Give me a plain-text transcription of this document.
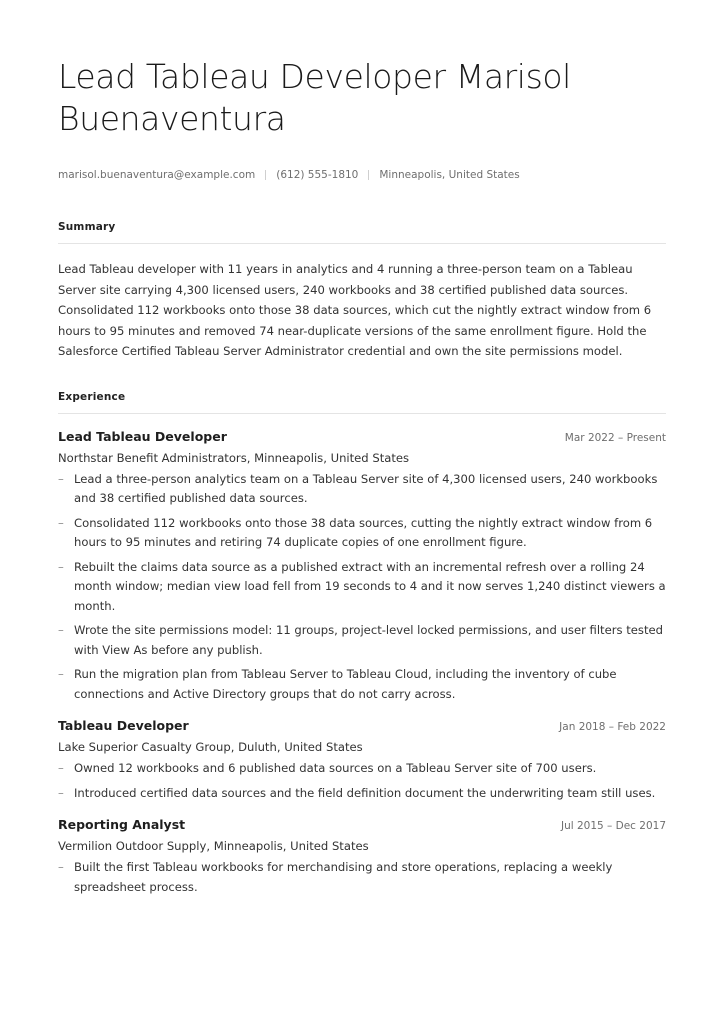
Lead Tableau Developer Marisol Buenaventura
marisol.buenaventura@example.com (612) 555-1810 Minneapolis, United States
Summary

Lead Tableau developer with 11 years in analytics and 4 running a three-person team on a Tableau Server site carrying 4,300 licensed users, 240 workbooks and 38 certified published data sources. Consolidated 112 workbooks onto those 38 data sources, which cut the nightly extract window from 6 hours to 95 minutes and removed 74 near-duplicate versions of the same enrollment figure. Hold the Salesforce Certified Tableau Server Administrator credential and own the site permissions model.

Experience
Lead Tableau Developer	Mar 2022 – Present
Northstar Benefit Administrators, Minneapolis, United States
– Lead a three-person analytics team on a Tableau Server site of 4,300 licensed users, 240 workbooks and 38 certified published data sources.
– Consolidated 112 workbooks onto those 38 data sources, cutting the nightly extract window from 6 hours to 95 minutes and retiring 74 duplicate copies of one enrollment figure.
– Rebuilt the claims data source as a published extract with an incremental refresh over a rolling 24 month window; median view load fell from 19 seconds to 4 and it now serves 1,240 distinct viewers a month.
– Wrote the site permissions model: 11 groups, project-level locked permissions, and user filters tested with View As before any publish.
– Run the migration plan from Tableau Server to Tableau Cloud, including the inventory of cube connections and Active Directory groups that do not carry across.
Tableau Developer	Jan 2018 – Feb 2022
Lake Superior Casualty Group, Duluth, United States
– Owned 12 workbooks and 6 published data sources on a Tableau Server site of 700 users.
– Introduced certified data sources and the field definition document the underwriting team still uses.
Reporting Analyst	Jul 2015 – Dec 2017
Vermilion Outdoor Supply, Minneapolis, United States
– Built the first Tableau workbooks for merchandising and store operations, replacing a weekly spreadsheet process.
